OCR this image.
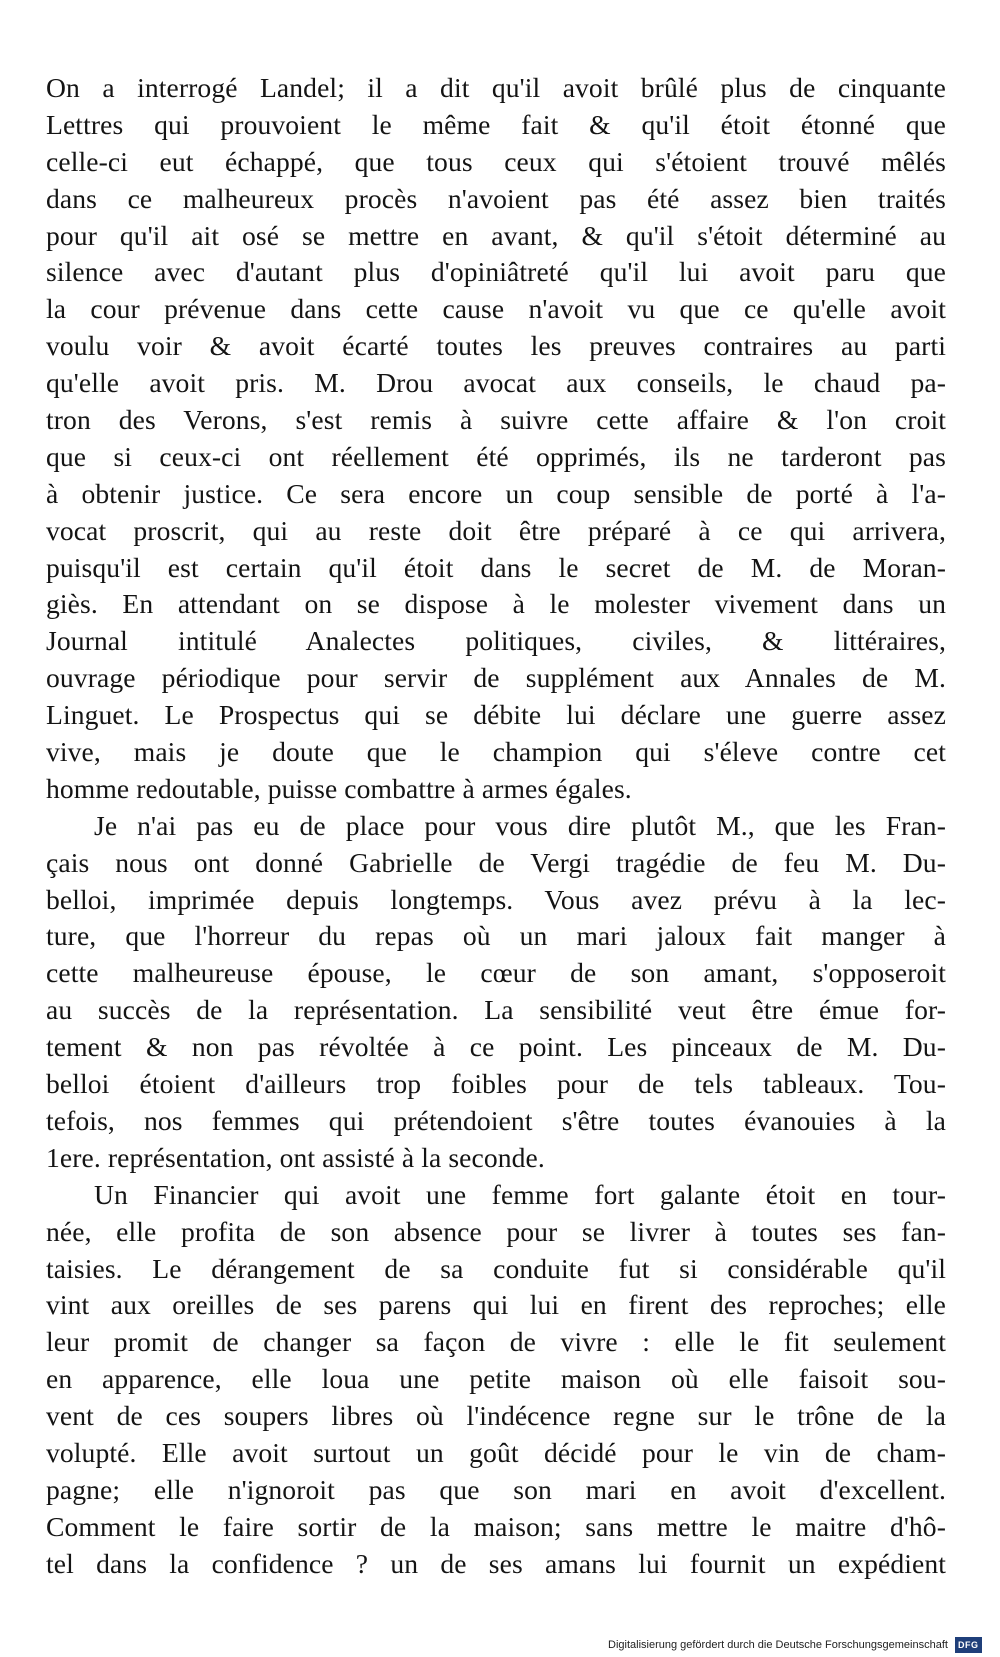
On a interrogé Landel; il a dit qu'il avoit brûlé plus de cinquante
Lettres qui prouvoient le même fait & qu'il étoit étonné que
celle-ci eut échappé, que tous ceux qui s'étoient trouvé mêlés
dans ce malheureux procès n'avoient pas été assez bien traités
pour qu'il ait osé se mettre en avant, & qu'il s'étoit déterminé au
silence avec d'autant plus d'opiniâtreté qu'il lui avoit paru que
la cour prévenue dans cette cause n'avoit vu que ce qu'elle avoit
voulu voir & avoit écarté toutes les preuves contraires au parti
qu'elle avoit pris. M. Drou avocat aux conseils, le chaud pa-
tron des Verons, s'est remis à suivre cette affaire & l'on croit
que si ceux-ci ont réellement été opprimés, ils ne tarderont pas
à obtenir justice. Ce sera encore un coup sensible de porté à l'a-
vocat proscrit, qui au reste doit être préparé à ce qui arrivera,
puisqu'il est certain qu'il étoit dans le secret de M. de Moran-
giès. En attendant on se dispose à le molester vivement dans un
Journal intitulé Analectes politiques, civiles, & littéraires,
ouvrage périodique pour servir de supplément aux Annales de M.
Linguet. Le Prospectus qui se débite lui déclare une guerre assez
vive, mais je doute que le champion qui s'éleve contre cet
homme redoutable, puisse combattre à armes égales.
Je n'ai pas eu de place pour vous dire plutôt M., que les Fran-
çais nous ont donné Gabrielle de Vergi tragédie de feu M. Du-
belloi, imprimée depuis longtemps. Vous avez prévu à la lec-
ture, que l'horreur du repas où un mari jaloux fait manger à
cette malheureuse épouse, le cœur de son amant, s'opposeroit
au succès de la représentation. La sensibilité veut être émue for-
tement & non pas révoltée à ce point. Les pinceaux de M. Du-
belloi étoient d'ailleurs trop foibles pour de tels tableaux. Tou-
tefois, nos femmes qui prétendoient s'être toutes évanouies à la
1ere. représentation, ont assisté à la seconde.
Un Financier qui avoit une femme fort galante étoit en tour-
née, elle profita de son absence pour se livrer à toutes ses fan-
taisies. Le dérangement de sa conduite fut si considérable qu'il
vint aux oreilles de ses parens qui lui en firent des reproches; elle
leur promit de changer sa façon de vivre : elle le fit seulement
en apparence, elle loua une petite maison où elle faisoit sou-
vent de ces soupers libres où l'indécence regne sur le trône de la
volupté. Elle avoit surtout un goût décidé pour le vin de cham-
pagne; elle n'ignoroit pas que son mari en avoit d'excellent.
Comment le faire sortir de la maison; sans mettre le maitre d'hô-
tel dans la confidence ? un de ses amans lui fournit un expédient
Digitalisierung gefördert durch die Deutsche Forschungsgemeinschaft DFG
